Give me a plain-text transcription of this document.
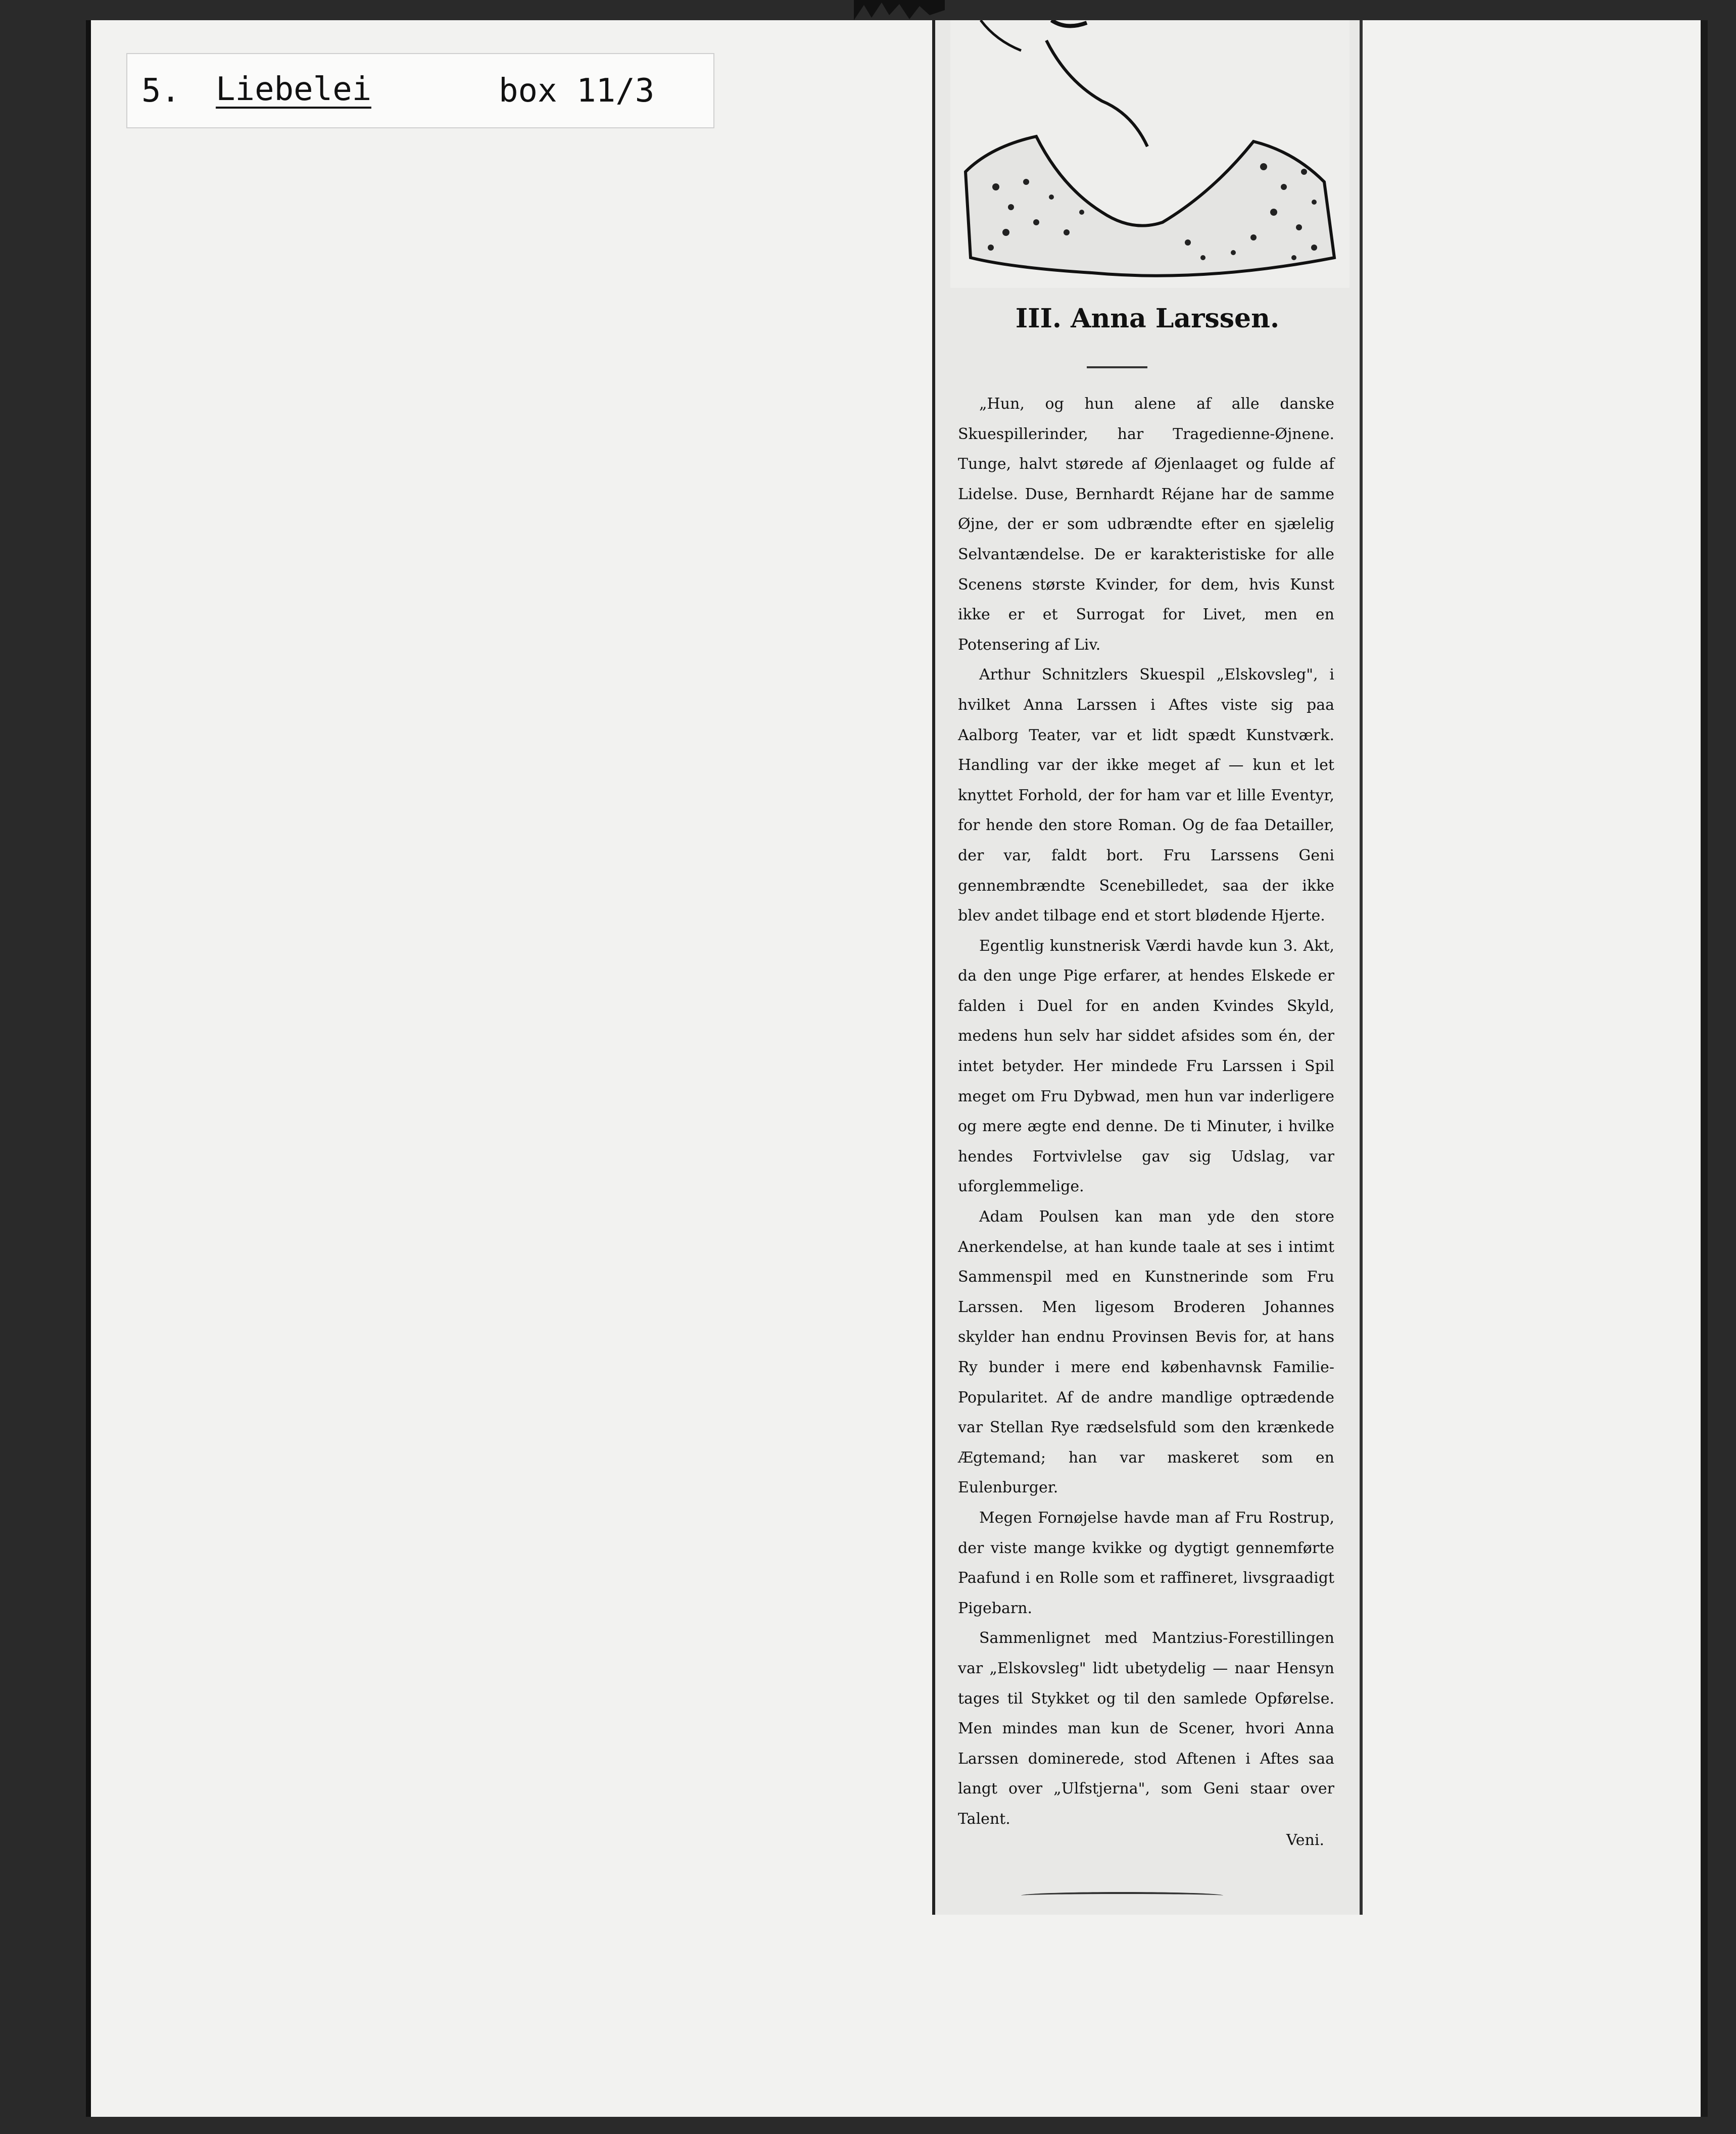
5. Liebelei	box 11/3
III. Anna Larssen.

„Hun, og hun alene af alle danske Skuespillerinder, har Tragedienne-Øjnene. Tunge, halvt størede af Øjenlaaget og fulde af Lidelse. Duse, Bernhardt Réjane har de samme Øjne, der er som udbrændte efter en sjælelig Selvantændelse. De er karakteristiske for alle Scenens største Kvinder, for dem, hvis Kunst ikke er et Surrogat for Livet, men en Potensering af Liv.

Arthur Schnitzlers Skuespil „Elskovsleg", i hvilket Anna Larssen i Aftes viste sig paa Aalborg Teater, var et lidt spædt Kunstværk. Handling var der ikke meget af — kun et let knyttet Forhold, der for ham var et lille Eventyr, for hende den store Roman. Og de faa Detailler, der var, faldt bort. Fru Larssens Geni gennembrændte Scenebilledet, saa der ikke blev andet tilbage end et stort blødende Hjerte.

Egentlig kunstnerisk Værdi havde kun 3. Akt, da den unge Pige erfarer, at hendes Elskede er falden i Duel for en anden Kvindes Skyld, medens hun selv har siddet afsides som én, der intet betyder. Her mindede Fru Larssen i Spil meget om Fru Dybwad, men hun var inderligere og mere ægte end denne. De ti Minuter, i hvilke hendes Fortvivlelse gav sig Udslag, var uforglemmelige.

Adam Poulsen kan man yde den store Anerkendelse, at han kunde taale at ses i intimt Sammenspil med en Kunstnerinde som Fru Larssen. Men ligesom Broderen Johannes skylder han endnu Provinsen Bevis for, at hans Ry bunder i mere end københavnsk Familie-Popularitet. Af de andre mandlige optrædende var Stellan Rye rædselsfuld som den krænkede Ægtemand; han var maskeret som en Eulenburger.

Megen Fornøjelse havde man af Fru Rostrup, der viste mange kvikke og dygtigt gennemførte Paafund i en Rolle som et raffineret, livsgraadigt Pigebarn.

Sammenlignet med Mantzius-Forestillingen var „Elskovsleg" lidt ubetydelig — naar Hensyn tages til Stykket og til den samlede Opførelse. Men mindes man kun de Scener, hvori Anna Larssen dominerede, stod Aftenen i Aftes saa langt over „Ulfstjerna", som Geni staar over Talent.

Veni.
